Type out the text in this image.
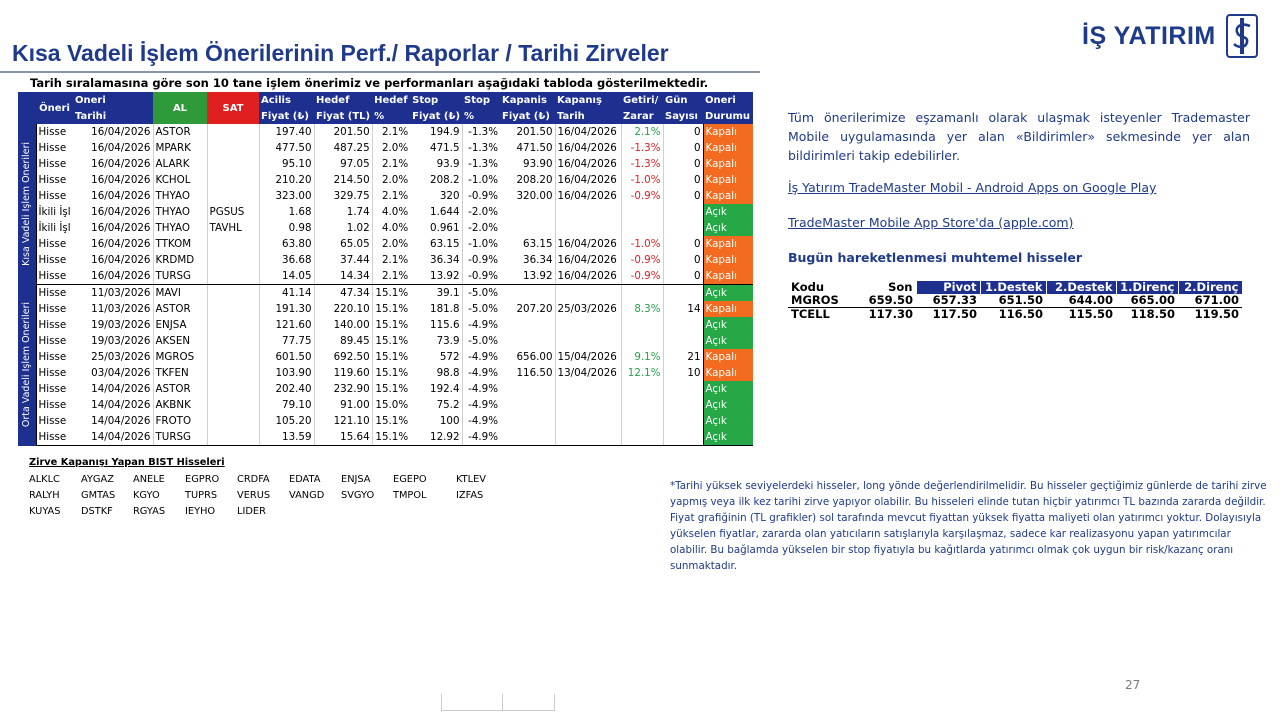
Kısa Vadeli İşlem Önerilerinin Perf./ Raporlar / Tarihi Zirveler
İŞ YATIRIM
Tarih sıralamasına göre son 10 tane işlem önerimiz ve performanları aşağıdaki tabloda gösterilmektedir.
	Öneri	Oneri	AL	SAT	Acilis	Hedef	Hedef	Stop	Stop	Kapanis	Kapanış	Getiri/	Gün	Oneri
		Tarihi			Fiyat (₺)	Fiyat (TL)	%	Fiyat (₺)	%	Fiyat (₺)	Tarih	Zarar	Sayısı	Durumu

Kısa Vadeli İşlem Önerileri	Hisse	16/04/2026	ASTOR		197.40	201.50	2.1%	194.9	-1.3%	201.50	16/04/2026	2.1%	0	Kapalı
	Hisse	16/04/2026	MPARK		477.50	487.25	2.0%	471.5	-1.3%	471.50	16/04/2026	-1.3%	0	Kapalı
	Hisse	16/04/2026	ALARK		95.10	97.05	2.1%	93.9	-1.3%	93.90	16/04/2026	-1.3%	0	Kapalı
	Hisse	16/04/2026	KCHOL		210.20	214.50	2.0%	208.2	-1.0%	208.20	16/04/2026	-1.0%	0	Kapalı
	Hisse	16/04/2026	THYAO		323.00	329.75	2.1%	320	-0.9%	320.00	16/04/2026	-0.9%	0	Kapalı
	İkili İşl	16/04/2026	THYAO	PGSUS	1.68	1.74	4.0%	1.644	-2.0%					Açık
	İkili İşl	16/04/2026	THYAO	TAVHL	0.98	1.02	4.0%	0.961	-2.0%					Açık
	Hisse	16/04/2026	TTKOM		63.80	65.05	2.0%	63.15	-1.0%	63.15	16/04/2026	-1.0%	0	Kapalı
	Hisse	16/04/2026	KRDMD		36.68	37.44	2.1%	36.34	-0.9%	36.34	16/04/2026	-0.9%	0	Kapalı
	Hisse	16/04/2026	TURSG		14.05	14.34	2.1%	13.92	-0.9%	13.92	16/04/2026	-0.9%	0	Kapalı

Orta Vadeli İşlem Önerileri	Hisse	11/03/2026	MAVI		41.14	47.34	15.1%	39.1	-5.0%					Açık
	Hisse	11/03/2026	ASTOR		191.30	220.10	15.1%	181.8	-5.0%	207.20	25/03/2026	8.3%	14	Kapalı
	Hisse	19/03/2026	ENJSA		121.60	140.00	15.1%	115.6	-4.9%					Açık
	Hisse	19/03/2026	AKSEN		77.75	89.45	15.1%	73.9	-5.0%					Açık
	Hisse	25/03/2026	MGROS		601.50	692.50	15.1%	572	-4.9%	656.00	15/04/2026	9.1%	21	Kapalı
	Hisse	03/04/2026	TKFEN		103.90	119.60	15.1%	98.8	-4.9%	116.50	13/04/2026	12.1%	10	Kapalı
	Hisse	14/04/2026	ASTOR		202.40	232.90	15.1%	192.4	-4.9%					Açık
	Hisse	14/04/2026	AKBNK		79.10	91.00	15.0%	75.2	-4.9%					Açık
	Hisse	14/04/2026	FROTO		105.20	121.10	15.1%	100	-4.9%					Açık
	Hisse	14/04/2026	TURSG		13.59	15.64	15.1%	12.92	-4.9%					Açık
Tüm önerilerimize eşzamanlı olarak ulaşmak isteyenler Trademaster Mobile uygulamasında yer alan «Bildirimler» sekmesinde yer alan bildirimleri takip edebilirler.
İş Yatırım TradeMaster Mobil - Android Apps on Google Play
TradeMaster Mobile App Store'da (apple.com)
Bugün hareketlenmesi muhtemel hisseler
Kodu	Son	Pivot	1.Destek	2.Destek	1.Direnç	2.Direnç
MGROS	659.50	657.33	651.50	644.00	665.00	671.00
TCELL	117.30	117.50	116.50	115.50	118.50	119.50
Zirve Kapanışı Yapan BIST Hisseleri
ALKLC	AYGAZ	ANELE	EGPRO	CRDFA	EDATA	ENJSA	EGEPO	KTLEV
RALYH	GMTAS	KGYO	TUPRS	VERUS	VANGD	SVGYO	TMPOL	IZFAS
KUYAS	DSTKF	RGYAS	IEYHO	LIDER
*Tarihi yüksek seviyelerdeki hisseler, long yönde değerlendirilmelidir. Bu hisseler geçtiğimiz günlerde de tarihi zirve yapmış veya ilk kez tarihi zirve yapıyor olabilir. Bu hisseleri elinde tutan hiçbir yatırımcı TL bazında zararda değildir. Fiyat grafiğinin (TL grafikler) sol tarafında mevcut fiyattan yüksek fiyatta maliyeti olan yatırımcı yoktur. Dolayısıyla yükselen fiyatlar, zararda olan yatıcıların satışlarıyla karşılaşmaz, sadece kar realizasyonu yapan yatırımcılar olabilir. Bu bağlamda yükselen bir stop fiyatıyla bu kağıtlarda yatırımcı olmak çok uygun bir risk/kazanç oranı sunmaktadır.
27
